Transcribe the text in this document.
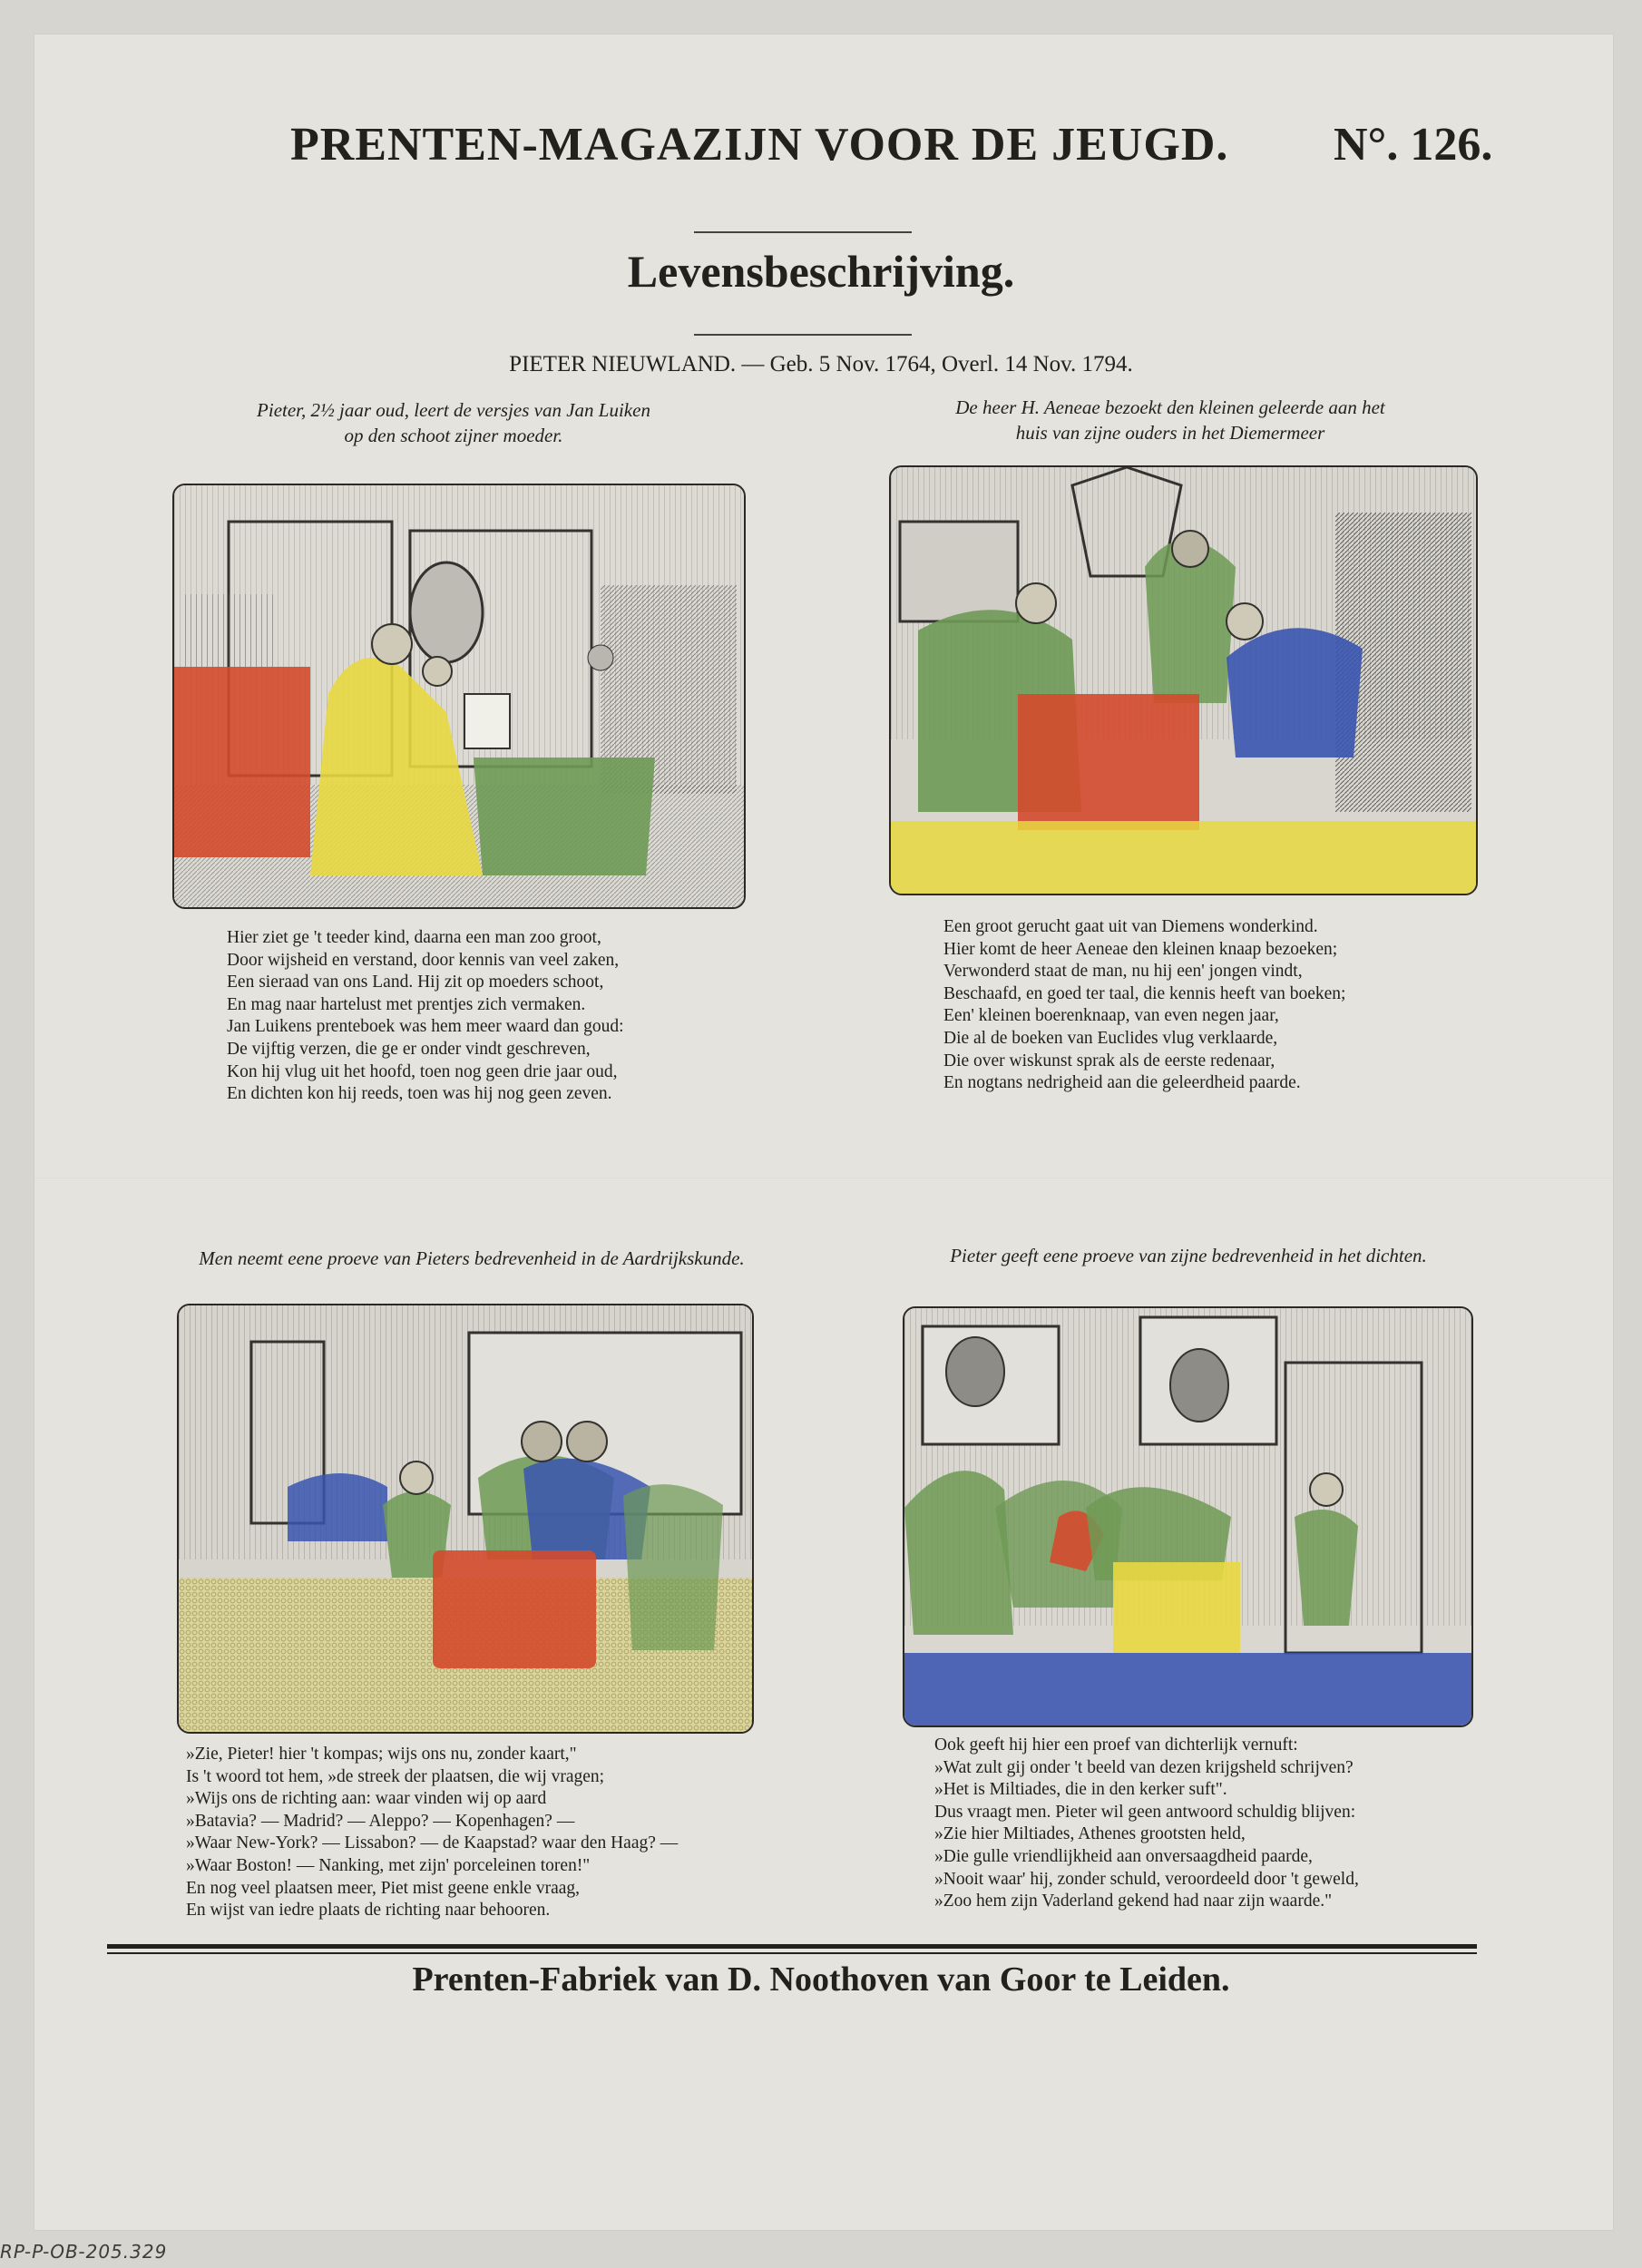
PRENTEN-MAGAZIJN VOOR DE JEUGD. N°. 126.
Levensbeschrijving.
PIETER NIEUWLAND. — Geb. 5 Nov. 1764, Overl. 14 Nov. 1794.
Pieter, 2½ jaar oud, leert de versjes van Jan Luiken
op den schoot zijner moeder.
Hier ziet ge 't teeder kind, daarna een man zoo groot,
Door wijsheid en verstand, door kennis van veel zaken,
Een sieraad van ons Land. Hij zit op moeders schoot,
En mag naar hartelust met prentjes zich vermaken.
Jan Luikens prenteboek was hem meer waard dan goud:
De vijftig verzen, die ge er onder vindt geschreven,
Kon hij vlug uit het hoofd, toen nog geen drie jaar oud,
En dichten kon hij reeds, toen was hij nog geen zeven.
De heer H. Aeneae bezoekt den kleinen geleerde aan het
huis van zijne ouders in het Diemermeer
Een groot gerucht gaat uit van Diemens wonderkind.
Hier komt de heer Aeneae den kleinen knaap bezoeken;
Verwonderd staat de man, nu hij een' jongen vindt,
Beschaafd, en goed ter taal, die kennis heeft van boeken;
Een' kleinen boerenknaap, van even negen jaar,
Die al de boeken van Euclides vlug verklaarde,
Die over wiskunst sprak als de eerste redenaar,
En nogtans nedrigheid aan die geleerdheid paarde.
Men neemt eene proeve van Pieters bedrevenheid in de Aardrijkskunde.
»Zie, Pieter! hier 't kompas; wijs ons nu, zonder kaart,"
Is 't woord tot hem, »de streek der plaatsen, die wij vragen;
»Wijs ons de richting aan: waar vinden wij op aard
»Batavia? — Madrid? — Aleppo? — Kopenhagen? —
»Waar New-York? — Lissabon? — de Kaapstad? waar den Haag? —
»Waar Boston! — Nanking, met zijn' porceleinen toren!"
En nog veel plaatsen meer, Piet mist geene enkle vraag,
En wijst van iedre plaats de richting naar behooren.
Pieter geeft eene proeve van zijne bedrevenheid in het dichten.
Ook geeft hij hier een proef van dichterlijk vernuft:
»Wat zult gij onder 't beeld van dezen krijgsheld schrijven?
»Het is Miltiades, die in den kerker suft".
Dus vraagt men. Pieter wil geen antwoord schuldig blijven:
»Zie hier Miltiades, Athenes grootsten held,
»Die gulle vriendlijkheid aan onversaagdheid paarde,
»Nooit waar' hij, zonder schuld, veroordeeld door 't geweld,
»Zoo hem zijn Vaderland gekend had naar zijn waarde."
Prenten-Fabriek van D. Noothoven van Goor te Leiden.
RP-P-OB-205.329
